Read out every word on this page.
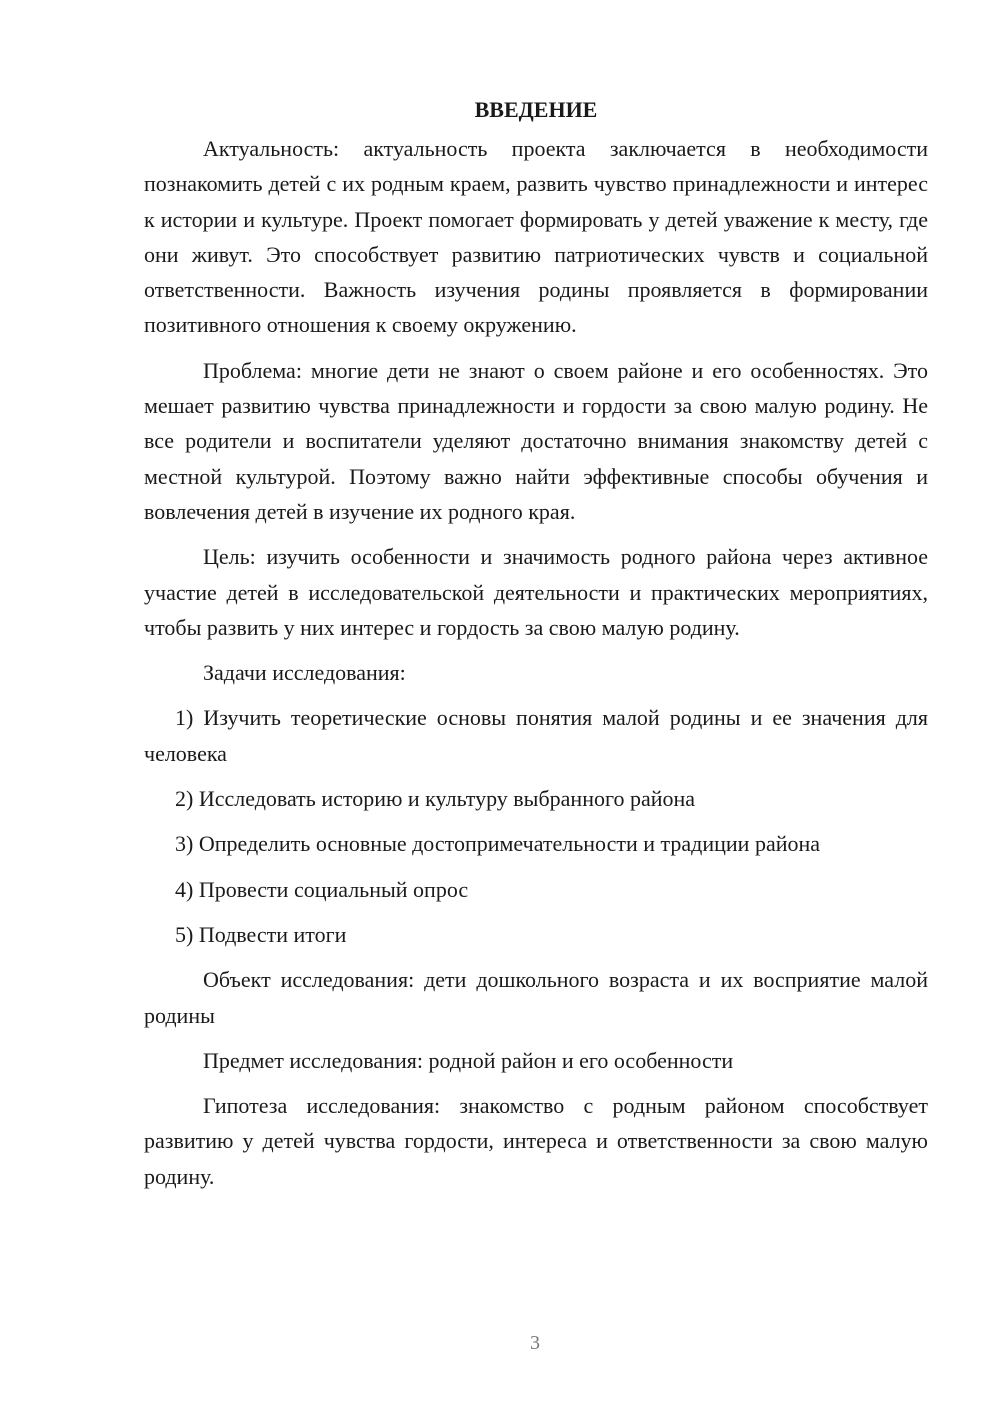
ВВЕДЕНИЕ

Актуальность: актуальность проекта заключается в необходимости познакомить детей с их родным краем, развить чувство принадлежности и интерес к истории и культуре. Проект помогает формировать у детей уважение к месту, где они живут. Это способствует развитию патриотических чувств и социальной ответственности. Важность изучения родины проявляется в формировании позитивного отношения к своему окружению.

Проблема: многие дети не знают о своем районе и его особенностях. Это мешает развитию чувства принадлежности и гордости за свою малую родину. Не все родители и воспитатели уделяют достаточно внимания знакомству детей с местной культурой. Поэтому важно найти эффективные способы обучения и вовлечения детей в изучение их родного края.

Цель: изучить особенности и значимость родного района через активное участие детей в исследовательской деятельности и практических мероприятиях, чтобы развить у них интерес и гордость за свою малую родину.

Задачи исследования:

1) Изучить теоретические основы понятия малой родины и ее значения для человека

2) Исследовать историю и культуру выбранного района

3) Определить основные достопримечательности и традиции района

4) Провести социальный опрос

5) Подвести итоги

Объект исследования: дети дошкольного возраста и их восприятие малой родины

Предмет исследования: родной район и его особенности

Гипотеза исследования: знакомство с родным районом способствует развитию у детей чувства гордости, интереса и ответственности за свою малую родину.

3
